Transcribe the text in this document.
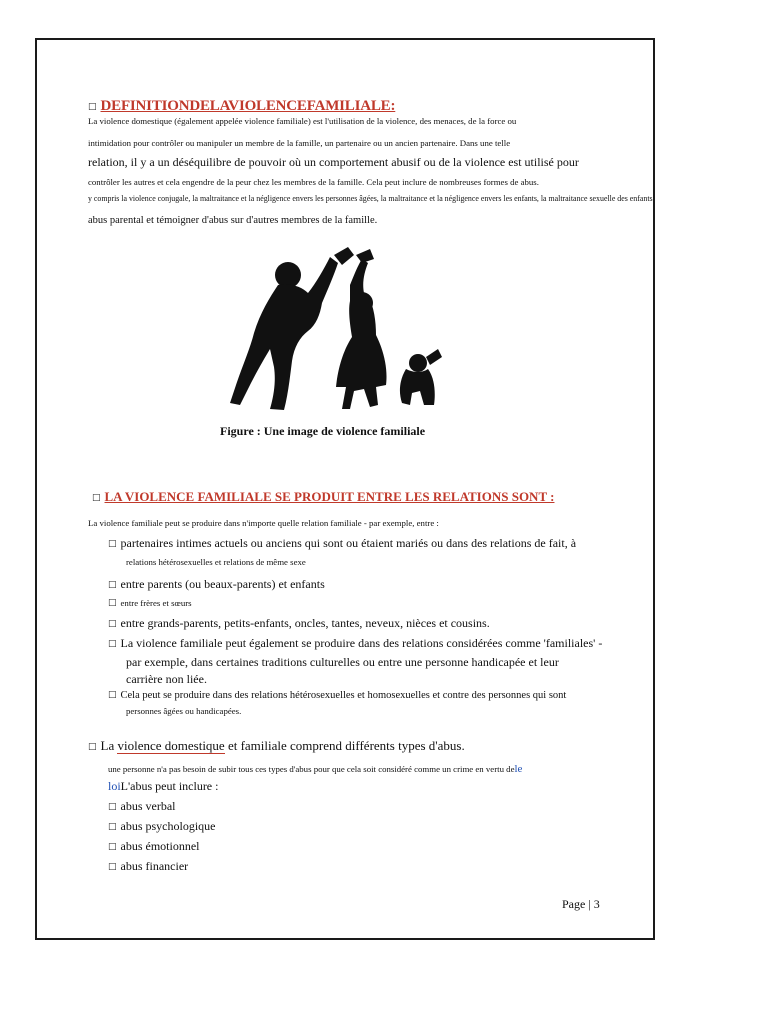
□ DEFINITIONDELAVIOLENCEFAMILIALE:
La violence domestique (également appelée violence familiale) est l'utilisation de la violence, des menaces, de la force ou
intimidation pour contrôler ou manipuler un membre de la famille, un partenaire ou un ancien partenaire. Dans une telle
relation, il y a un déséquilibre de pouvoir où un comportement abusif ou de la violence est utilisé pour
contrôler les autres et cela engendre de la peur chez les membres de la famille. Cela peut inclure de nombreuses formes de abus.
y compris la violence conjugale, la maltraitance et la négligence envers les personnes âgées, la maltraitance et la négligence envers les enfants, la maltraitance sexuelle des enfants
abus parental et témoigner d'abus sur d'autres membres de la famille.
Figure : Une image de violence familiale
□ LA VIOLENCE FAMILIALE SE PRODUIT ENTRE LES RELATIONS SONT :
La violence familiale peut se produire dans n'importe quelle relation familiale - par exemple, entre :
□ partenaires intimes actuels ou anciens qui sont ou étaient mariés ou dans des relations de fait, à
relations hétérosexuelles et relations de même sexe
□ entre parents (ou beaux-parents) et enfants
□ entre frères et sœurs
□ entre grands-parents, petits-enfants, oncles, tantes, neveux, nièces et cousins.
□ La violence familiale peut également se produire dans des relations considérées comme 'familiales' -
par exemple, dans certaines traditions culturelles ou entre une personne handicapée et leur
carrière non liée.
□ Cela peut se produire dans des relations hétérosexuelles et homosexuelles et contre des personnes qui sont
personnes âgées ou handicapées.
□ La violence domestique et familiale comprend différents types d'abus.
une personne n'a pas besoin de subir tous ces types d'abus pour que cela soit considéré comme un crime en vertu dele
loiL'abus peut inclure :
□ abus verbal
□ abus psychologique
□ abus émotionnel
□ abus financier
Page | 3
